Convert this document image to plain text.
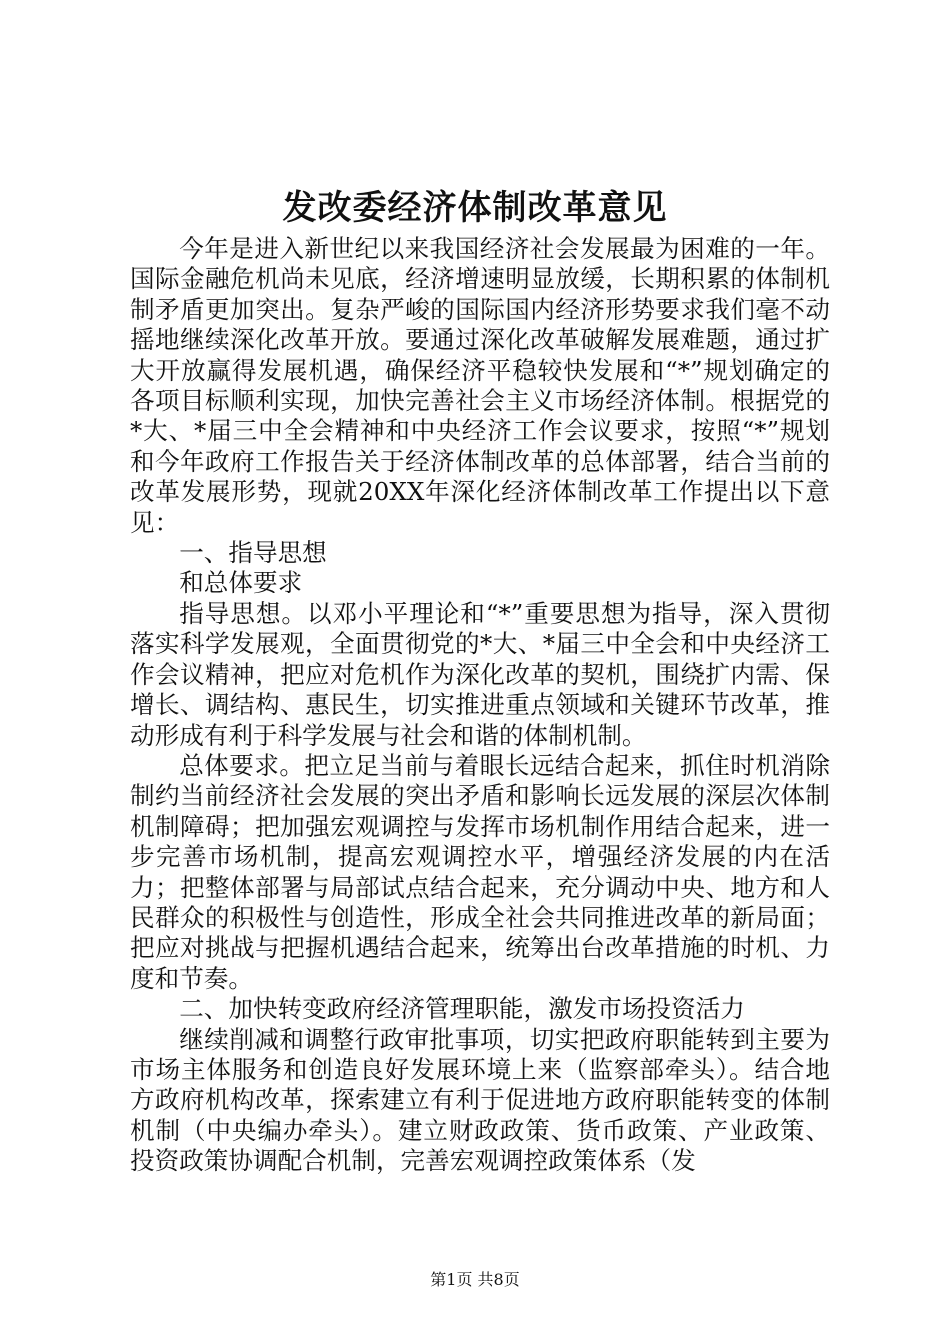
发改委经济体制改革意见

今年是进入新世纪以来我国经济社会发展最为困难的一年。国际金融危机尚未见底，经济增速明显放缓，长期积累的体制机制矛盾更加突出。复杂严峻的国际国内经济形势要求我们毫不动摇地继续深化改革开放。要通过深化改革破解发展难题，通过扩大开放赢得发展机遇，确保经济平稳较快发展和“*”规划确定的各项目标顺利实现，加快完善社会主义市场经济体制。根据党的*大、*届三中全会精神和中央经济工作会议要求，按照“*”规划和今年政府工作报告关于经济体制改革的总体部署，结合当前的改革发展形势，现就20XX年深化经济体制改革工作提出以下意见：

一、指导思想

和总体要求

指导思想。以邓小平理论和“*”重要思想为指导，深入贯彻落实科学发展观，全面贯彻党的*大、*届三中全会和中央经济工作会议精神，把应对危机作为深化改革的契机，围绕扩内需、保增长、调结构、惠民生，切实推进重点领域和关键环节改革，推动形成有利于科学发展与社会和谐的体制机制。

总体要求。把立足当前与着眼长远结合起来，抓住时机消除制约当前经济社会发展的突出矛盾和影响长远发展的深层次体制机制障碍；把加强宏观调控与发挥市场机制作用结合起来，进一步完善市场机制，提高宏观调控水平，增强经济发展的内在活力；把整体部署与局部试点结合起来，充分调动中央、地方和人民群众的积极性与创造性，形成全社会共同推进改革的新局面；把应对挑战与把握机遇结合起来，统筹出台改革措施的时机、力度和节奏。

二、加快转变政府经济管理职能，激发市场投资活力

继续削减和调整行政审批事项，切实把政府职能转到主要为市场主体服务和创造良好发展环境上来（监察部牵头）。结合地方政府机构改革，探索建立有利于促进地方政府职能转变的体制机制（中央编办牵头）。建立财政政策、货币政策、产业政策、投资政策协调配合机制，完善宏观调控政策体系（发

第1页 共8页
